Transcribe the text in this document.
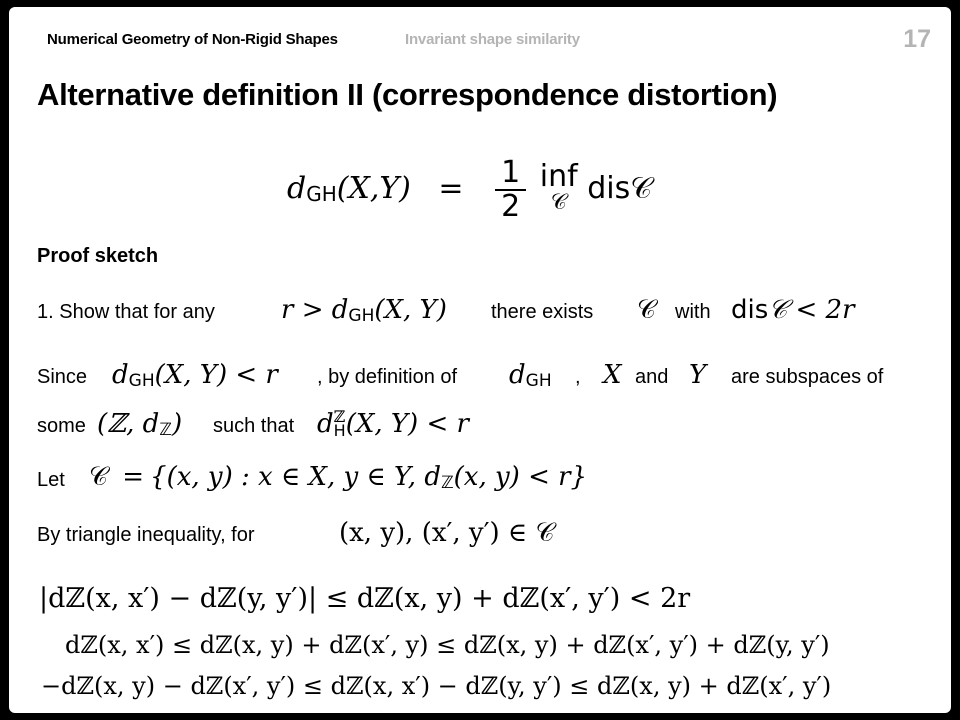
Numerical Geometry of Non-Rigid Shapes	Invariant shape similarity	17
Alternative definition II (correspondence distortion)
$dGH(X,Y) = \frac{1}{2}$
inf
𝒞 dis𝒞
Proof sketch
1. Show that for any	r > dGH(X, Y) there exists 𝒞 with dis𝒞 < 2r
Since dGH(X, Y) < r , by definition of dGH , X and Y are subspaces of
some (ℤ, dℤ) such that d ℤ
H (X, Y) < r
Let 𝒞 = {(x, y) : x ∈ X, y ∈ Y, dℤ(x, y) < r}
By triangle inequality, for	(x, y), (x′, y′) ∈ 𝒞
|dℤ(x, x′) − dℤ(y, y′)| ≤ dℤ(x, y) + dℤ(x′, y′) < 2r
dℤ(x, x′) ≤ dℤ(x, y) + dℤ(x′, y) ≤ dℤ(x, y) + dℤ(x′, y′) + dℤ(y, y′)
−dℤ(x, y) − dℤ(x′, y′) ≤ dℤ(x, x′) − dℤ(y, y′) ≤ dℤ(x, y) + dℤ(x′, y′)
